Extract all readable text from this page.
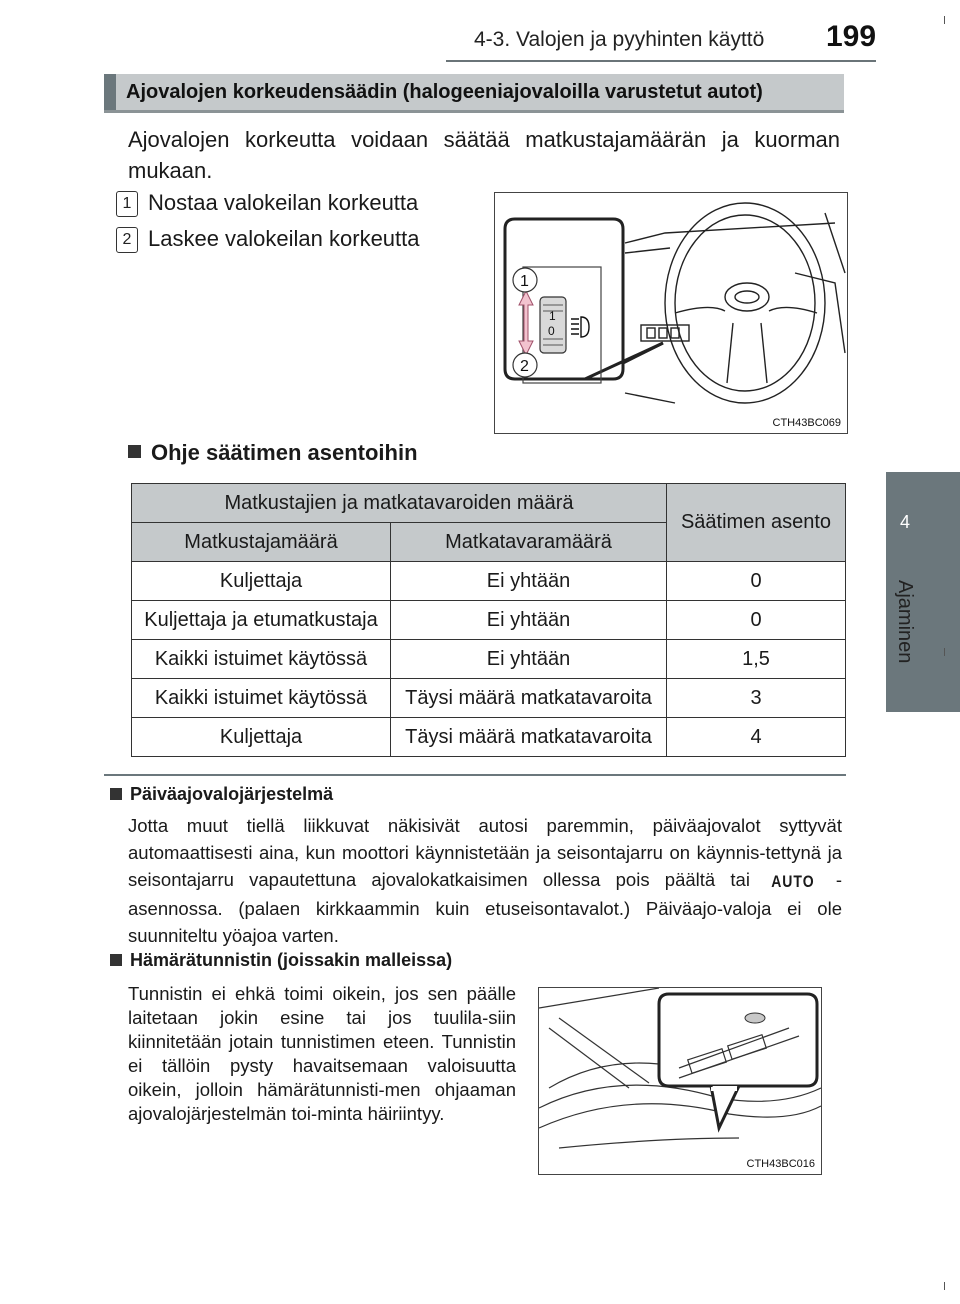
4-3. Valojen ja pyyhinten käyttö 199
4
Ajaminen
Ajovalojen korkeudensäädin (halogeeniajovaloilla varustetut autot)
Ajovalojen korkeutta voidaan säätää matkustajamäärän ja kuorman mukaan.
1 Nostaa valokeilan korkeutta
2 Laskee valokeilan korkeutta
1
0
1
2
CTH43BC069
Ohje säätimen asentoihin
Matkustajien ja matkatavaroiden määrä		Säätimen asento
Matkustajamäärä	Matkatavaramäärä	
Kuljettaja	Ei yhtään	0
Kuljettaja ja etumatkustaja	Ei yhtään	0
Kaikki istuimet käytössä	Ei yhtään	1,5
Kaikki istuimet käytössä	Täysi määrä matkatavaroita	3
Kuljettaja	Täysi määrä matkatavaroita	4
Päiväajovalojärjestelmä
Jotta muut tiellä liikkuvat näkisivät autosi paremmin, päiväajovalot syttyvät automaattisesti aina, kun moottori käynnistetään ja seisontajarru on käynnis-tettynä ja seisontajarru vapautettuna ajovalokatkaisimen ollessa pois päältä tai AUTO -asennossa. (palaen kirkkaammin kuin etuseisontavalot.) Päiväajo-valoja ei ole suunniteltu yöajoa varten.
Hämärätunnistin (joissakin malleissa)
Tunnistin ei ehkä toimi oikein, jos sen päälle laitetaan jokin esine tai jos tuulila-siin kiinnitetään jotain tunnistimen eteen. Tunnistin ei tällöin pysty havaitsemaan valoisuutta oikein, jolloin hämärätunnisti-men ohjaaman ajovalojärjestelmän toi-minta häiriintyy.
CTH43BC016
